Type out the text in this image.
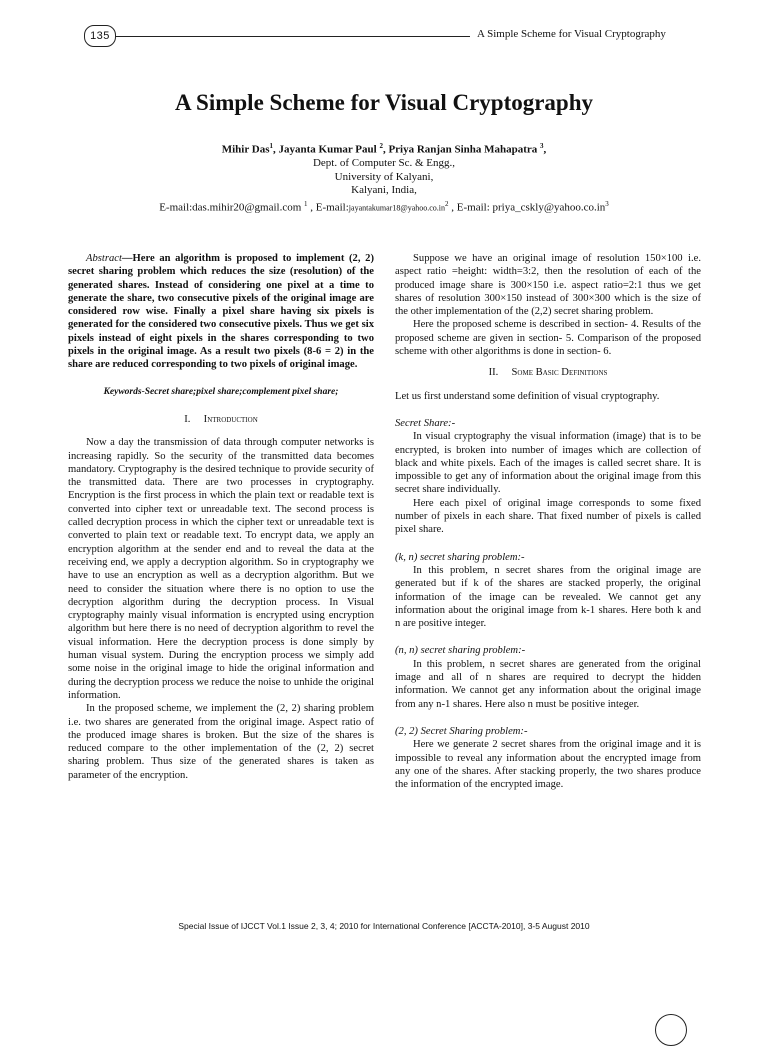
135	A Simple Scheme for Visual Cryptography
A Simple Scheme for Visual Cryptography
Mihir Das$^1$, Jayanta Kumar Paul $^2$, Priya Ranjan Sinha Mahapatra $^3$,
Dept. of Computer Sc. & Engg.,
University of Kalyani,
Kalyani, India,
E-mail:das.mihir20@gmail.com $^1$ , $E-mail:jayantakumar18@yahoo.co.in^2$ , E-mail: $priya\_cskly@yahoo.co.in^3$

Abstract—Here an algorithm is proposed to implement (2, 2) secret sharing problem which reduces the size (resolution) of the generated shares. Instead of considering one pixel at a time to generate the share, two consecutive pixels of the original image are considered row wise. Finally a pixel share having six pixels is generated for the considered two consecutive pixels. Thus we get six pixels instead of eight pixels in the shares corresponding to two pixels in the original image. As a result two pixels (8-6 = 2) in the share are reduced corresponding to two pixels of original image.

Keywords-Secret share;pixel share;complement pixel share;

I. Introduction

Now a day the transmission of data through computer networks is increasing rapidly. So the security of the transmitted data becomes mandatory. Cryptography is the desired technique to provide security of the transmitted data. There are two processes in cryptography. Encryption is the first process in which the plain text or readable text is converted into cipher text or unreadable text. The second process is called decryption process in which the cipher text or unreadable text is converted to plain text or readable text. To encrypt data, we apply an encryption algorithm at the sender end and to reveal the data at the receiving end, we apply a decryption algorithm. So in cryptography we have to use an encryption as well as a decryption algorithm. But we need to consider the situation where there is no option to use the decryption algorithm during the decryption process. In Visual cryptography mainly visual information is encrypted using encryption algorithm but here there is no need of decryption algorithm to revel the visual information. Here the decryption process is done simply by human visual system. During the encryption process we simply add some noise in the original image to hide the original information and during the decryption process we reduce the noise to unhide the original information.

In the proposed scheme, we implement the (2, 2) sharing problem i.e. two shares are generated from the original image. Aspect ratio of the produced image shares is broken. But the size of the shares is reduced compare to the other implementation of the (2, 2) secret sharing problem. Thus size of the generated shares is taken as parameter of the encryption.

Suppose we have an original image of resolution 150×100 i.e. aspect ratio =height: width=3:2, then the resolution of each of the produced image share is 300×150 i.e. aspect ratio=2:1 thus we get shares of resolution 300×150 instead of 300×300 which is the size of the other implementation of the (2,2) secret sharing problem.

Here the proposed scheme is described in section- 4. Results of the proposed scheme are given in section- 5. Comparison of the proposed scheme with other algorithms is done in section- 6.

II. Some Basic Definitions

Let us first understand some definition of visual cryptography.

Secret Share:-

In visual cryptography the visual information (image) that is to be encrypted, is broken into number of images which are collection of black and white pixels. Each of the images is called secret share. It is impossible to get any of information about the original image from this secret share individually.

Here each pixel of original image corresponds to some fixed number of pixels in each share. That fixed number of pixels is called pixel share.

(k, n) secret sharing problem:-

In this problem, n secret shares from the original image are generated but if k of the shares are stacked properly, the original information of the image can be revealed. We cannot get any information about the original image from k-1 shares. Here both k and n are positive integer.

(n, n) secret sharing problem:-

In this problem, n secret shares are generated from the original image and all of n shares are required to decrypt the hidden information. We cannot get any information about the original image from any n-1 shares. Here also n must be positive integer.

(2, 2) Secret Sharing problem:-

Here we generate 2 secret shares from the original image and it is impossible to reveal any information about the encrypted image from any one of the shares. After stacking properly, the two shares produce the information of the encrypted image.

Special Issue of IJCCT Vol.1 Issue 2, 3, 4; 2010 for International Conference [ACCTA-2010], 3-5 August 2010
